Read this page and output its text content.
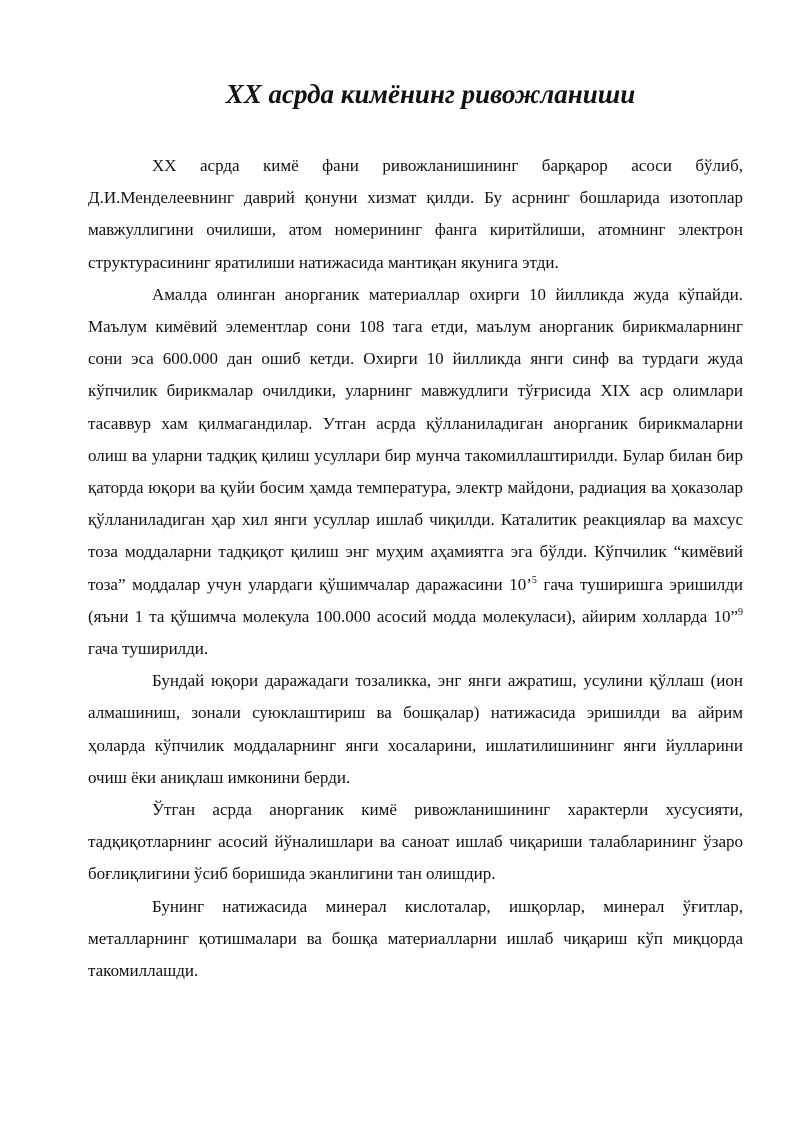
XX асрда кимёнинг ривожланиши

ХХ асрда кимё фани ривожланишининг барқарор асоси бўлиб, Д.И.Менделеевнинг даврий қонуни хизмат қилди. Бу асрнинг бошларида изотоплар мавжуллигини очилиши, атом номерининг фанга киритйлиши, атомнинг электрон структурасининг яратилиши натижасида мантиқан якунига этди.

Амалда олинган анорганик материаллар охирги 10 йилликда жуда кўпайди. Маълум кимёвий элементлар сони 108 тага етди, маълум анорганик бирикмаларнинг сони эса 600.000 дан ошиб кетди. Охирги 10 йилликда янги синф ва турдаги жуда кўпчилик бирикмалар очилдики, уларнинг мавжудлиги тўғрисида XIX аср олимлари тасаввур хам қилмагандилар. Утган асрда қўлланиладиган анорганик бирикмаларни олиш ва уларни тадқиқ қилиш усуллари бир мунча такомиллаштирилди. Булар билан бир қаторда юқори ва қуйи босим ҳамда температура, электр майдони, радиация ва ҳоказолар қўлланиладиган ҳар хил янги усуллар ишлаб чиқилди. Каталитик реакциялар ва махсус тоза моддаларни тадқиқот қилиш энг муҳим аҳамиятга эга бўлди. Кўпчилик “кимёвий тоза” моддалар учун улардаги қўшимчалар даражасини 10’$^5$ гача туширишга эришилди (яъни 1 та қўшимча молекула 100.000 асосий модда молекуласи), айирим холларда 10”$^9$ гача туширилди.

Бундай юқори даражадаги тозаликка, энг янги ажратиш, усулини қўллаш (ион алмашиниш, зонали суюклаштириш ва бошқалар) натижасида эришилди ва айрим ҳоларда кўпчилик моддаларнинг янги хосаларини, ишлатилишининг янги йулларини очиш ёки аниқлаш имконини берди.

Ўтган асрда анорганик кимё ривожланишининг характерли хусусияти, тадқиқотларнинг асосий йўналишлари ва саноат ишлаб чиқариши талабларининг ўзаро боғлиқлигини ўсиб боришида эканлигини тан олишдир.

Бунинг натижасида минерал кислоталар, ишқорлар, минерал ўғитлар, металларнинг қотишмалари ва бошқа материалларни ишлаб чиқариш кўп миқцорда такомиллашди.
